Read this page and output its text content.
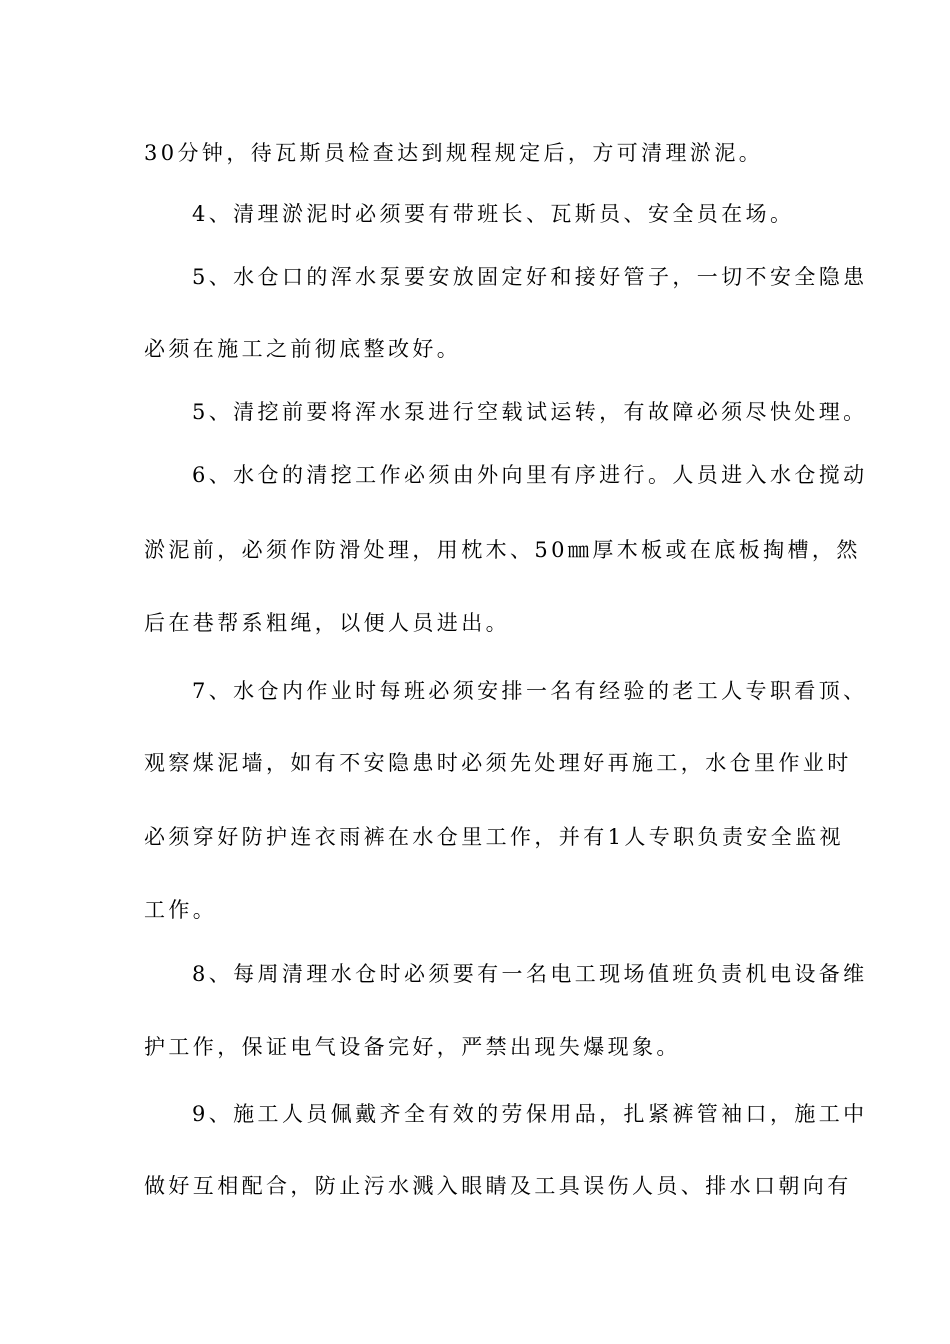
30分钟，待瓦斯员检查达到规程规定后，方可清理淤泥。
4、清理淤泥时必须要有带班长、瓦斯员、安全员在场。
5、水仓口的浑水泵要安放固定好和接好管子，一切不安全隐患
必须在施工之前彻底整改好。
5、清挖前要将浑水泵进行空载试运转，有故障必须尽快处理。
6、水仓的清挖工作必须由外向里有序进行。人员进入水仓搅动
淤泥前，必须作防滑处理，用枕木、50㎜厚木板或在底板掏槽，然
后在巷帮系粗绳，以便人员进出。
7、水仓内作业时每班必须安排一名有经验的老工人专职看顶、
观察煤泥墙，如有不安隐患时必须先处理好再施工，水仓里作业时
必须穿好防护连衣雨裤在水仓里工作，并有1人专职负责安全监视
工作。
8、每周清理水仓时必须要有一名电工现场值班负责机电设备维
护工作，保证电气设备完好，严禁出现失爆现象。
9、施工人员佩戴齐全有效的劳保用品，扎紧裤管袖口，施工中
做好互相配合，防止污水溅入眼睛及工具误伤人员、排水口朝向有
